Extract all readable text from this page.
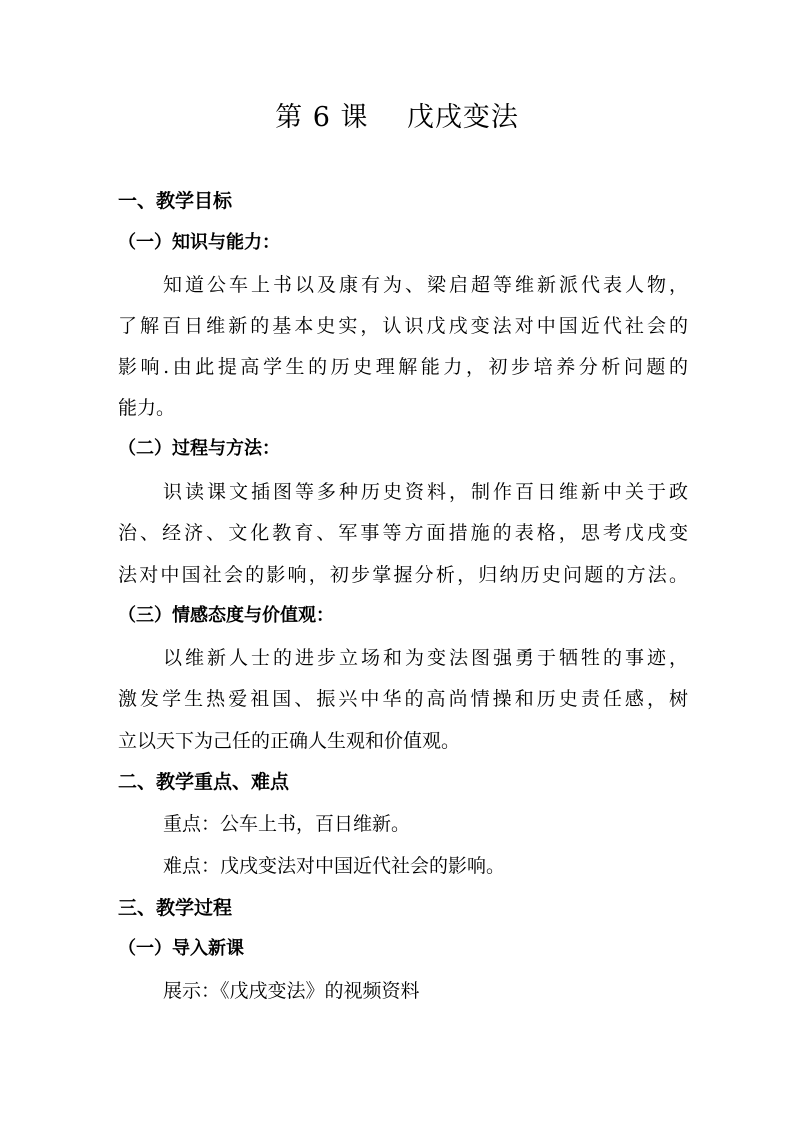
第 6 课    戊戌变法
一、教学目标
（一）知识与能力：
知道公车上书以及康有为、梁启超等维新派代表人物，
了解百日维新的基本史实，认识戊戌变法对中国近代社会的
影响.由此提高学生的历史理解能力，初步培养分析问题的
能力。
（二）过程与方法：
识读课文插图等多种历史资料，制作百日维新中关于政
治、经济、文化教育、军事等方面措施的表格，思考戊戌变
法对中国社会的影响，初步掌握分析，归纳历史问题的方法。
（三）情感态度与价值观：
以维新人士的进步立场和为变法图强勇于牺牲的事迹，
激发学生热爱祖国、振兴中华的高尚情操和历史责任感，树
立以天下为己任的正确人生观和价值观。
二、教学重点、难点
重点：公车上书，百日维新。
难点：戊戌变法对中国近代社会的影响。
三、教学过程
（一）导入新课
展示：《戊戌变法》的视频资料
